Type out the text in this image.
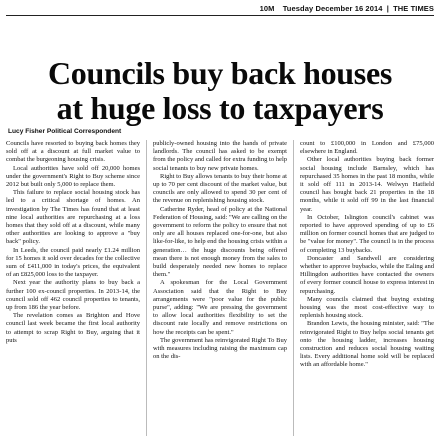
10M Tuesday December 16 2014 | THE TIMES
Councils buy back houses
at huge loss to taxpayers
Lucy Fisher Political Correspondent

Councils have resorted to buying back homes they sold off at a discount at full market value to combat the burgeoning housing crisis.

Local authorities have sold off 20,000 homes under the government's Right to Buy scheme since 2012 but built only 5,000 to replace them.

This failure to replace social housing stock has led to a critical shortage of homes. An investigation by The Times has found that at least nine local authorities are repurchasing at a loss homes that they sold off at a discount, while many other authorities are looking to approve a "buy back" policy.

In Leeds, the council paid nearly £1.24 million for 15 homes it sold over decades for the collective sum of £411,000 in today's prices, the equivalent of an £825,000 loss to the taxpayer.

Next year the authority plans to buy back a further 100 ex-council properties. In 2013-14, the council sold off 462 council properties to tenants, up from 186 the year before.

The revelation comes as Brighton and Hove council last week became the first local authority to attempt to scrap Right to Buy, arguing that it puts

publicly-owned housing into the hands of private landlords. The council has asked to be exempt from the policy and called for extra funding to help social tenants to buy new private homes.

Right to Buy allows tenants to buy their home at up to 70 per cent discount of the market value, but councils are only allowed to spend 30 per cent of the revenue on replenishing housing stock.

Catherine Ryder, head of policy at the National Federation of Housing, said: "We are calling on the government to reform the policy to ensure that not only are all houses replaced one-for-one, but also like-for-like, to help end the housing crisis within a generation… the huge discounts being offered mean there is not enough money from the sales to build desperately needed new homes to replace them."

A spokesman for the Local Government Association said that the Right to Buy arrangements were "poor value for the public purse", adding: "We are pressing the government to allow local authorities flexibility to set the discount rate locally and remove restrictions on how the receipts can be spent."

The government has reinvigorated Right To Buy with measures including raising the maximum cap on the dis-

count to £100,000 in London and £75,000 elsewhere in England.

Other local authorities buying back former social housing include Barnsley, which has repurchased 35 homes in the past 18 months, while it sold off 111 in 2013-14. Welwyn Hatfield council has bought back 21 properties in the 18 months, while it sold off 99 in the last financial year.

In October, Islington council's cabinet was reported to have approved spending of up to £6 million on former council homes that are judged to be "value for money". The council is in the process of completing 13 buybacks.

Doncaster and Sandwell are considering whether to approve buybacks, while the Ealing and Hillingdon authorities have contacted the owners of every former council house to express interest in repurchasing.

Many councils claimed that buying existing housing was the most cost-effective way to replenish housing stock.

Brandon Lewis, the housing minister, said: "The reinvigorated Right to Buy helps social tenants get onto the housing ladder, increases housing construction and reduces social housing waiting lists. Every additional home sold will be replaced with an affordable home."
